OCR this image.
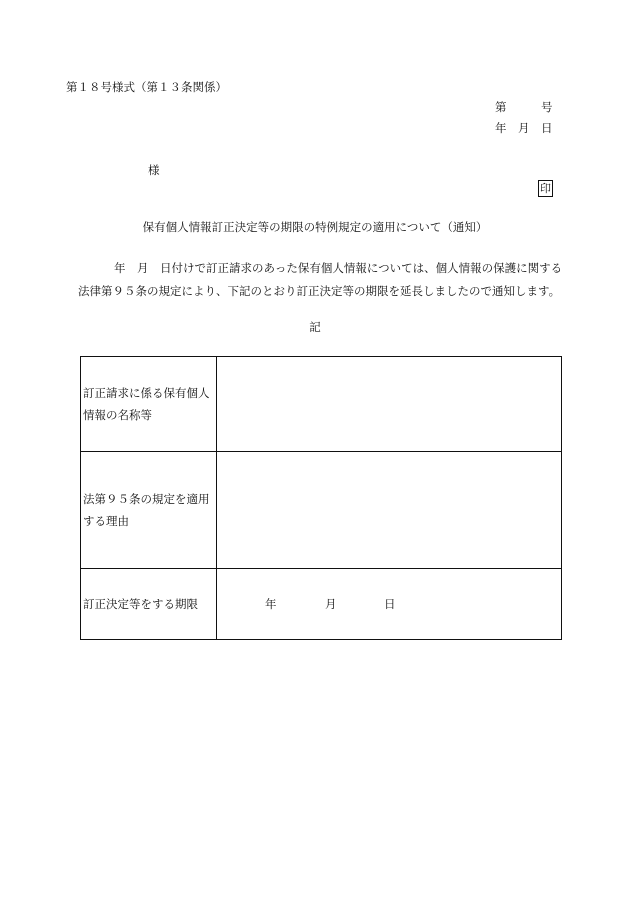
第１８号様式（第１３条関係）
第	号
年 月 日
様
印
保有個人情報訂正決定等の期限の特例規定の適用について（通知）
年　月　日付けで訂正請求のあった保有個人情報については、個人情報の保護に関する
法律第９５条の規定により、下記のとおり訂正決定等の期限を延長しましたので通知します。
記
訂正請求に係る保有個人
情報の名称等	

法第９５条の規定を適用
する理由	

訂正決定等をする期限	年 月 日
